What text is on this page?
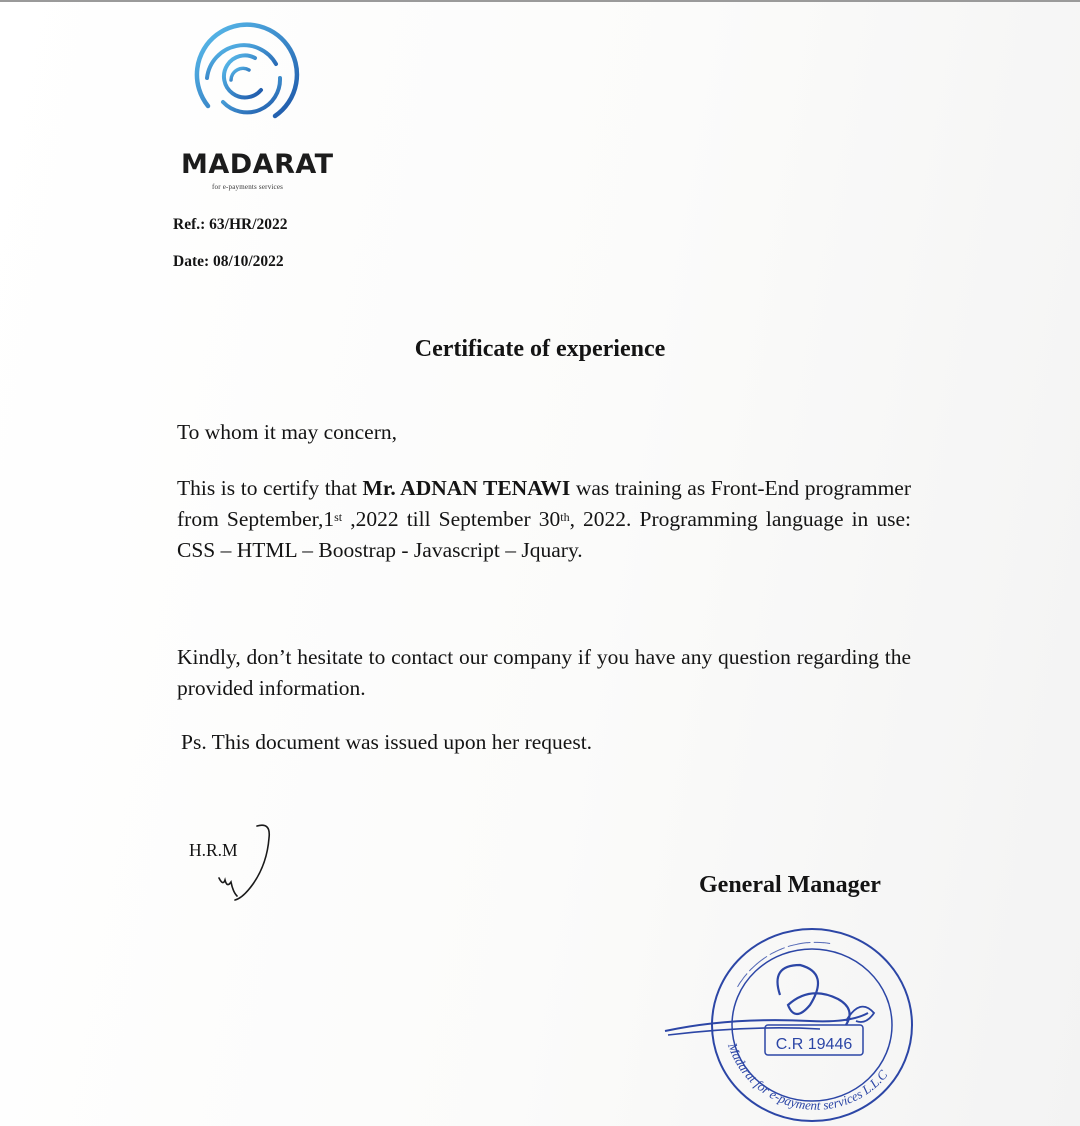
MADARAT
for e-payments services
Ref.: 63/HR/2022
Date: 08/10/2022
Certificate of experience
To whom it may concern,
This is to certify that Mr. ADNAN TENAWI was training as Front-End programmer from September,1st ,2022 till September 30th, 2022. Programming language in use: CSS – HTML – Boostrap - Javascript – Jquary.
Kindly, don’t hesitate to contact our company if you have any question regarding the provided information.
Ps. This document was issued upon her request.
H.R.M
General Manager
C.R 19446
Madarat for e-payment services L.L.C
ـــــ ـــــــ ـــــ ـــــــ ـــــ
